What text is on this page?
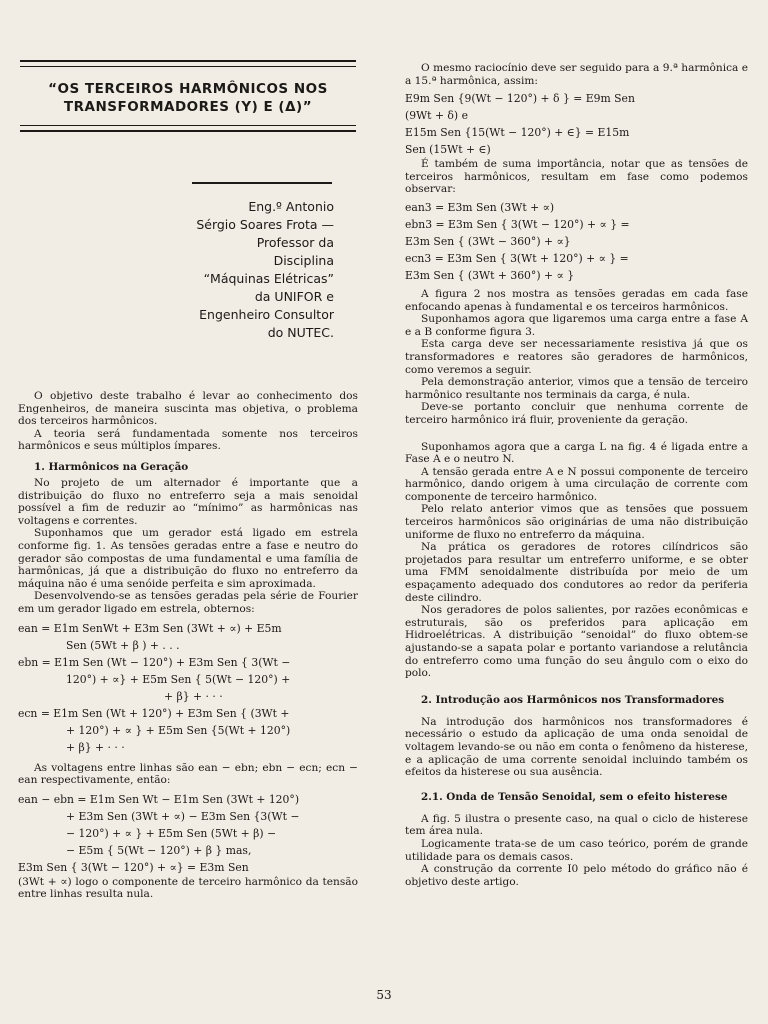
“OS TERCEIROS HARMÔNICOS NOS
TRANSFORMADORES (Y) E (Δ)”
Eng.º Antonio
Sérgio Soares Frota —
Professor da
Disciplina
“Máquinas Elétricas”
da UNIFOR e
Engenheiro Consultor
do NUTEC.

O objetivo deste trabalho é levar ao conhecimento dos Engenheiros, de maneira suscinta mas objetiva, o problema dos terceiros harmônicos.

A teoria será fundamentada somente nos terceiros harmônicos e seus múltiplos ímpares.

1. Harmônicos na Geração

No projeto de um alternador é importante que a distribuição do fluxo no entreferro seja a mais senoidal possível a fim de reduzir ao “mínimo” as harmônicas nas voltagens e correntes.

Suponhamos que um gerador está ligado em estrela conforme fig. 1. As tensões geradas entre a fase e neutro do gerador são compostas de uma fundamental e uma família de harmônicas, já que a distribuição do fluxo no entreferro da máquina não é uma senóide perfeita e sim aproximada.

Desenvolvendo-se as tensões geradas pela série de Fourier em um gerador ligado em estrela, obternos:

ean = E1m SenWt + E3m Sen (3Wt + ∝) + E5m

Sen (5Wt + β ) + . . .

ebn = E1m Sen (Wt − 120°) + E3m Sen { 3(Wt −

120°) + ∝} + E5m Sen { 5(Wt − 120°) +

+ β} + · · ·

ecn = E1m Sen (Wt + 120°) + E3m Sen { (3Wt +

+ 120°) + ∝ } + E5m Sen {5(Wt + 120°)

+ β} + · · ·

As voltagens entre linhas são ean − ebn; ebn − ecn; ecn − ean respectivamente, então:

ean − ebn = E1m Sen Wt − E1m Sen (3Wt + 120°)

+ E3m Sen (3Wt + ∝) − E3m Sen {3(Wt −

− 120°) + ∝ } + E5m Sen (5Wt + β) −

− E5m { 5(Wt − 120°) + β } mas,

E3m Sen { 3(Wt − 120°) + ∝} = E3m Sen

(3Wt + ∝) logo o componente de terceiro harmônico da tensão entre linhas resulta nula.

O mesmo raciocínio deve ser seguido para a 9.ª harmônica e a 15.ª harmônica, assim:

E9m Sen {9(Wt − 120°) + δ } = E9m Sen

(9Wt + δ) e

E15m Sen {15(Wt − 120°) + ∈} = E15m

Sen (15Wt + ∈)

É também de suma importância, notar que as tensões de terceiros harmônicos, resultam em fase como podemos observar:

ean3 = E3m Sen (3Wt + ∝)

ebn3 = E3m Sen { 3(Wt − 120°) + ∝ } =

E3m Sen { (3Wt − 360°) + ∝}

ecn3 = E3m Sen { 3(Wt + 120°) + ∝ } =

E3m Sen { (3Wt + 360°) + ∝ }

A figura 2 nos mostra as tensões geradas em cada fase enfocando apenas à fundamental e os terceiros harmônicos.

Suponhamos agora que ligaremos uma carga entre a fase A e a B conforme figura 3.

Esta carga deve ser necessariamente resistiva já que os transformadores e reatores são geradores de harmônicos, como veremos a seguir.

Pela demonstração anterior, vimos que a tensão de terceiro harmônico resultante nos terminais da carga, é nula.

Deve-se portanto concluir que nenhuma corrente de terceiro harmônico irá fluir, proveniente da geração.

Suponhamos agora que a carga L na fig. 4 é ligada entre a Fase A e o neutro N.

A tensão gerada entre A e N possui componente de terceiro harmônico, dando origem à uma circulação de corrente com componente de terceiro harmônico.

Pelo relato anterior vimos que as tensões que possuem terceiros harmônicos são originárias de uma não distribuição uniforme de fluxo no entreferro da máquina.

Na prática os geradores de rotores cilíndricos são projetados para resultar um entreferro uniforme, e se obter uma FMM senoidalmente distribuída por meio de um espaçamento adequado dos condutores ao redor da periferia deste cilindro.

Nos geradores de polos salientes, por razões econômicas e estruturais, são os preferidos para aplicação em Hidroelétricas. A distribuição “senoidal” do fluxo obtem-se ajustando-se a sapata polar e portanto variandose a relutância do entreferro como uma função do seu ângulo com o eixo do polo.

2. Introdução aos Harmônicos nos Transformadores

Na introdução dos harmônicos nos transformadores é necessário o estudo da aplicação de uma onda senoidal de voltagem levando-se ou não em conta o fenômeno da histerese, e a aplicação de uma corrente senoidal incluindo também os efeitos da histerese ou sua ausência.

2.1. Onda de Tensão Senoidal, sem o efeito histerese

A fig. 5 ilustra o presente caso, na qual o ciclo de histerese tem área nula.

Logicamente trata-se de um caso teórico, porém de grande utilidade para os demais casos.

A construção da corrente I0 pelo método do gráfico não é objetivo deste artigo.

53
